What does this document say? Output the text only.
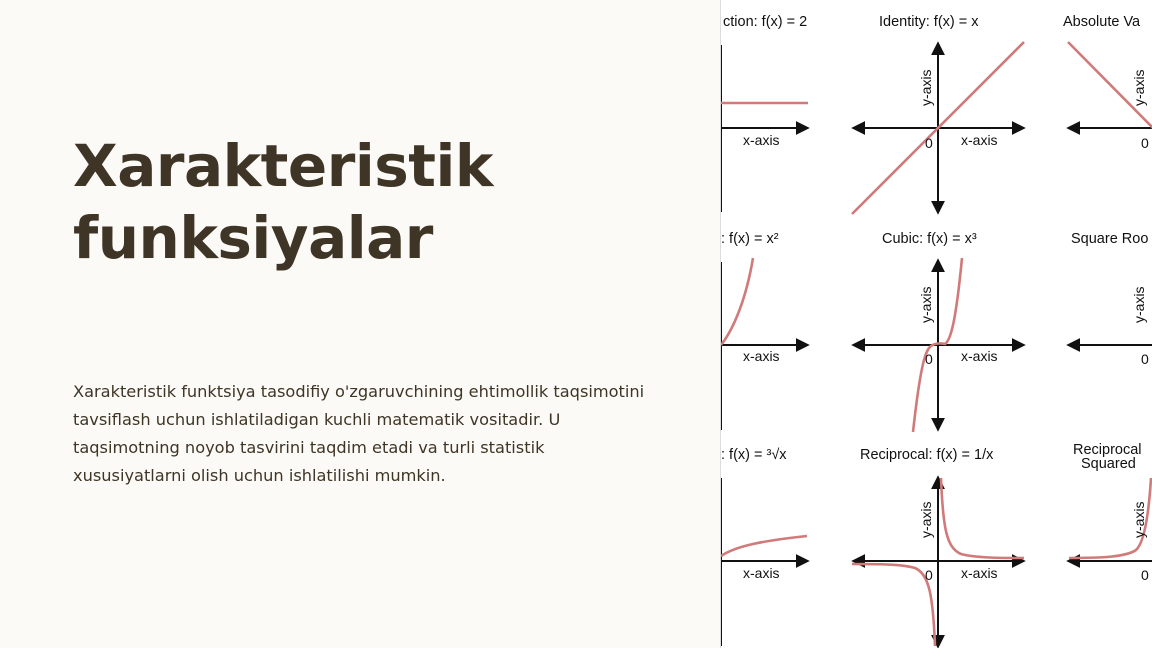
Xarakteristik
funksiyalar

Xarakteristik funktsiya tasodifiy o'zgaruvchining ehtimollik taqsimotini tavsiflash uchun ishlatiladigan kuchli matematik vositadir. U taqsimotning noyob tasvirini taqdim etadi va turli statistik xususiyatlarni olish uchun ishlatilishi mumkin.

ction: f(x) = 2
x-axis
Identity: f(x) = x
x-axis
0
y-axis
Absolute Va
0
y-axis
: f(x) = x²
x-axis
Cubic: f(x) = x³
x-axis
0
y-axis
Square Roo
0
y-axis
: f(x) = ³√x
x-axis
Reciprocal: f(x) = 1/x
x-axis
0
y-axis
Reciprocal
Squared
0
y-axis
